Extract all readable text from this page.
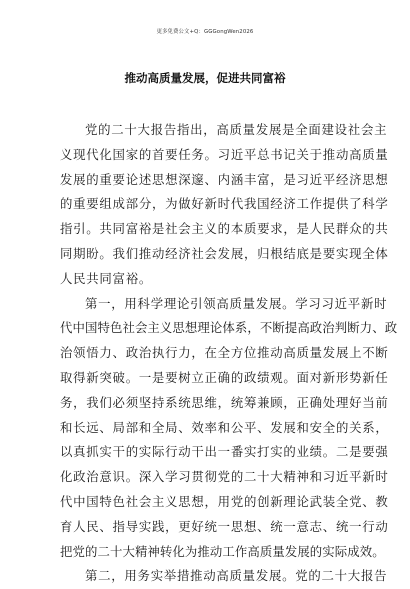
更多免费公文+Q：GGGongWen2026
推动高质量发展，促进共同富裕

党的二十大报告指出，高质量发展是全面建设社会主
义现代化国家的首要任务。习近平总书记关于推动高质量
发展的重要论述思想深邃、内涵丰富，是习近平经济思想
的重要组成部分，为做好新时代我国经济工作提供了科学
指引。共同富裕是社会主义的本质要求，是人民群众的共
同期盼。我们推动经济社会发展，归根结底是要实现全体
人民共同富裕。

第一，用科学理论引领高质量发展。学习习近平新时
代中国特色社会主义思想理论体系，不断提高政治判断力、政
治领悟力、政治执行力，在全方位推动高质量发展上不断
取得新突破。一是要树立正确的政绩观。面对新形势新任
务，我们必须坚持系统思维，统筹兼顾，正确处理好当前
和长远、局部和全局、效率和公平、发展和安全的关系，
以真抓实干的实际行动干出一番实打实的业绩。二是要强
化政治意识。深入学习贯彻党的二十大精神和习近平新时
代中国特色社会主义思想，用党的创新理论武装全党、教
育人民、指导实践，更好统一思想、统一意志、统一行动
把党的二十大精神转化为推动工作高质量发展的实际成效。

第二，用务实举措推动高质量发展。党的二十大报告
